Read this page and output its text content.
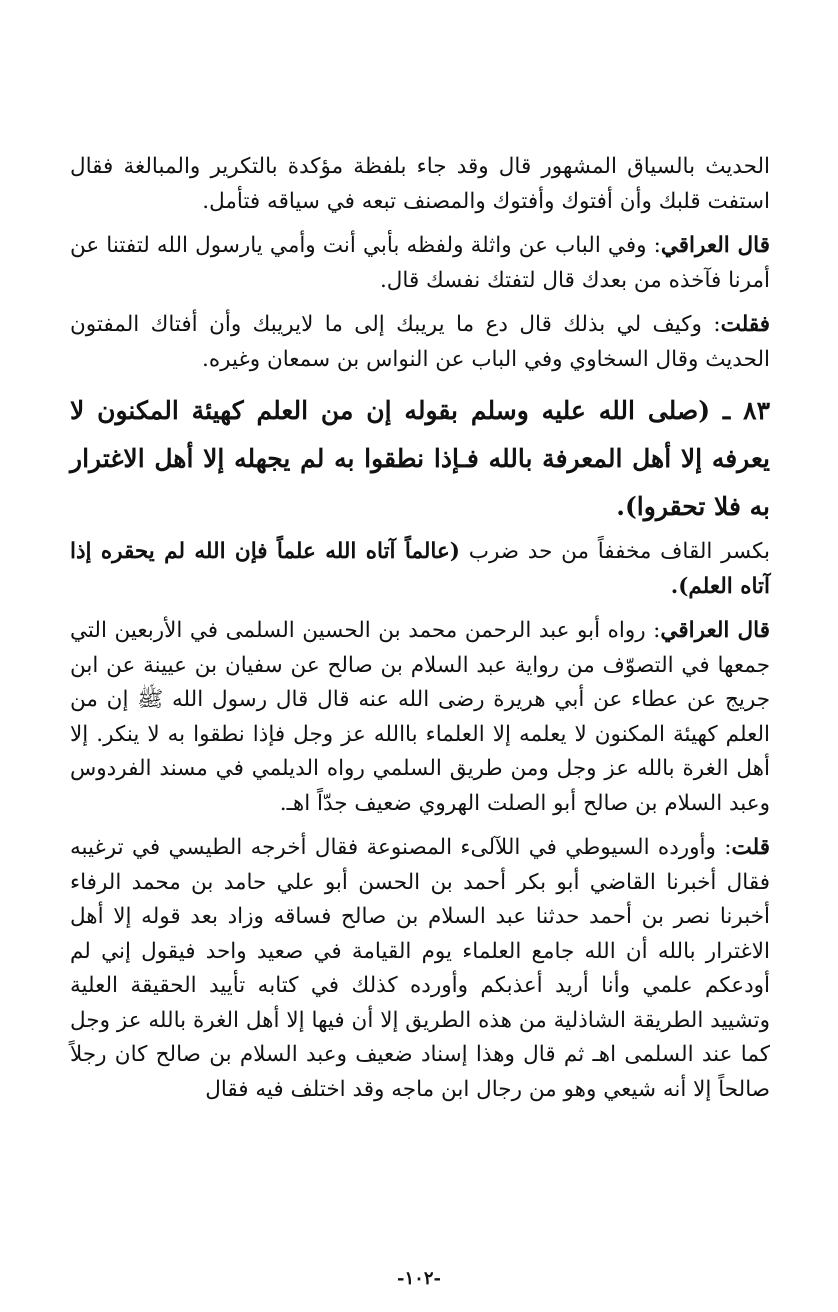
الحديث بالسياق المشهور قال وقد جاء بلفظة مؤكدة بالتكرير والمبالغة فقال استفت قلبك وأن أفتوك وأفتوك والمصنف تبعه في سياقه فتأمل.

قال العراقي: وفي الباب عن واثلة ولفظه بأبي أنت وأمي يارسول الله لتفتنا عن أمرنا فآخذه من بعدك قال لتفتك نفسك قال.

فقلت: وكيف لي بذلك قال دع ما يريبك إلى ما لايريبك وأن أفتاك المفتون الحديث وقال السخاوي وفي الباب عن النواس بن سمعان وغيره.

٨٣ ـ (صلى الله عليه وسلم بقوله إن من العلم كهيئة المكنون لا يعرفه إلا أهل المعرفة بالله فـإذا نطقوا به لم يجهله إلا أهل الاغترار به فلا تحقروا).

بكسر القاف مخففاً من حد ضرب (عالماً آتاه الله علماً فإن الله لم يحقره إذا آتاه العلم).

قال العراقي: رواه أبو عبد الرحمن محمد بن الحسين السلمى في الأربعين التي جمعها في التصوّف من رواية عبد السلام بن صالح عن سفيان بن عيينة عن ابن جريج عن عطاء عن أبي هريرة رضى الله عنه قال قال رسول الله ﷺ إن من العلم كهيئة المكنون لا يعلمه إلا العلماء باالله عز وجل فإذا نطقوا به لا ينكر. إلا أهل الغرة بالله عز وجل ومن طريق السلمي رواه الديلمي في مسند الفردوس وعبد السلام بن صالح أبو الصلت الهروي ضعيف جدّاً اهـ.

قلت: وأورده السيوطي في اللآلىء المصنوعة فقال أخرجه الطيسي في ترغيبه فقال أخبرنا القاضي أبو بكر أحمد بن الحسن أبو علي حامد بن محمد الرفاء أخبرنا نصر بن أحمد حدثنا عبد السلام بن صالح فساقه وزاد بعد قوله إلا أهل الاغترار بالله أن الله جامع العلماء يوم القيامة في صعيد واحد فيقول إني لم أودعكم علمي وأنا أريد أعذبكم وأورده كذلك في كتابه تأييد الحقيقة العلية وتشييد الطريقة الشاذلية من هذه الطريق إلا أن فيها إلا أهل الغرة بالله عز وجل كما عند السلمى اهـ ثم قال وهذا إسناد ضعيف وعبد السلام بن صالح كان رجلاً صالحاً إلا أنه شيعي وهو من رجال ابن ماجه وقد اختلف فيه فقال

-١٠٢-
